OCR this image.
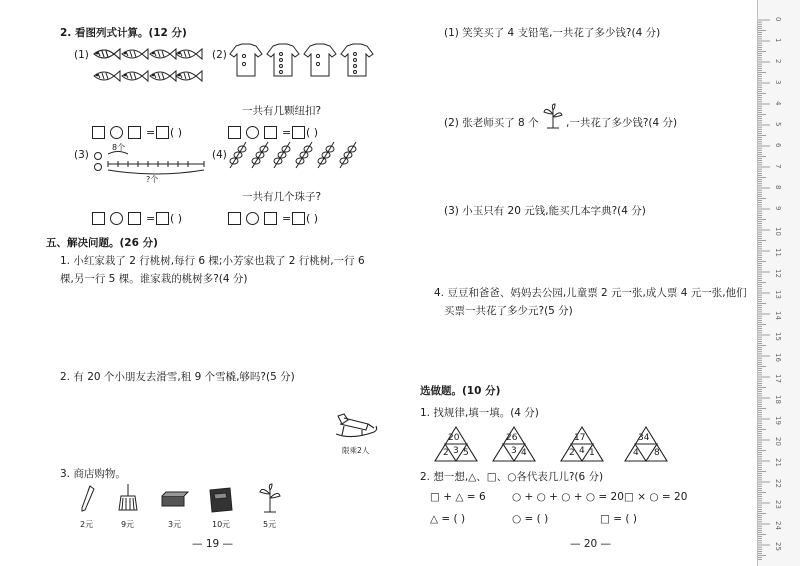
2. 看图列式计算。(12 分)
(1)	(2)
一共有几颗纽扣?
= ( )	= ( )
(3)
8个
?个
(4)
一共有几个珠子?
= ( )	= ( )
五、解决问题。(26 分)
1. 小红家栽了 2 行桃树,每行 6 棵;小芳家也栽了 2 行桃树,一行 6
棵,另一行 5 棵。谁家栽的桃树多?(4 分)
2. 有 20 个小朋友去滑雪,租 9 个雪橇,够吗?(5 分)
限乘2人
3. 商店购物。
2元	9元	3元	10元	5元
— 19 —
(1) 笑笑买了 4 支铅笔,一共花了多少钱?(4 分)
(2) 张老师买了 8 个	,一共花了多少钱?(4 分)
(3) 小玉只有 20 元钱,能买几本字典?(4 分)
4. 豆豆和爸爸、妈妈去公园,儿童票 2 元一张,成人票 4 元一张,他们
买票一共花了多少元?(5 分)
选做题。(10 分)
1. 找规律,填一填。(4 分)
20
2 3 5
26
3 4
17
2 4 1
34
4 8
2. 想一想,△、□、○各代表几儿?(6 分)
□ + △ = 6	○ + ○ + ○ + ○ = 20 □ × ○ = 20
△ = ( )	○ = ( )	□ = ( )
— 20 —
0
1
2
3
4
5
6
7
8
9
10
11
12
13
14
15
16
17
18
19
20
21
22
23
24
25
